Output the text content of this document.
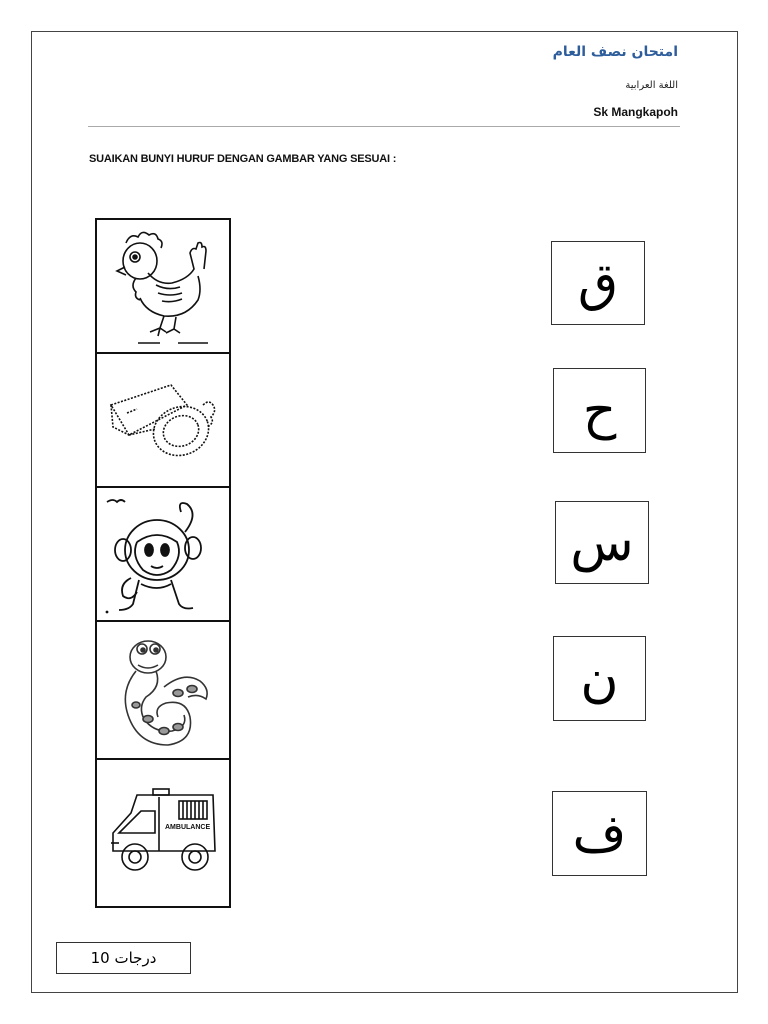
امتحان نصف العام
اللغة العرابية
Sk Mangkapoh
SUAIKAN BUNYI HURUF DENGAN GAMBAR YANG SESUAI :
AMBULANCE
ق
ح
س
ن
ف
درجات 10
